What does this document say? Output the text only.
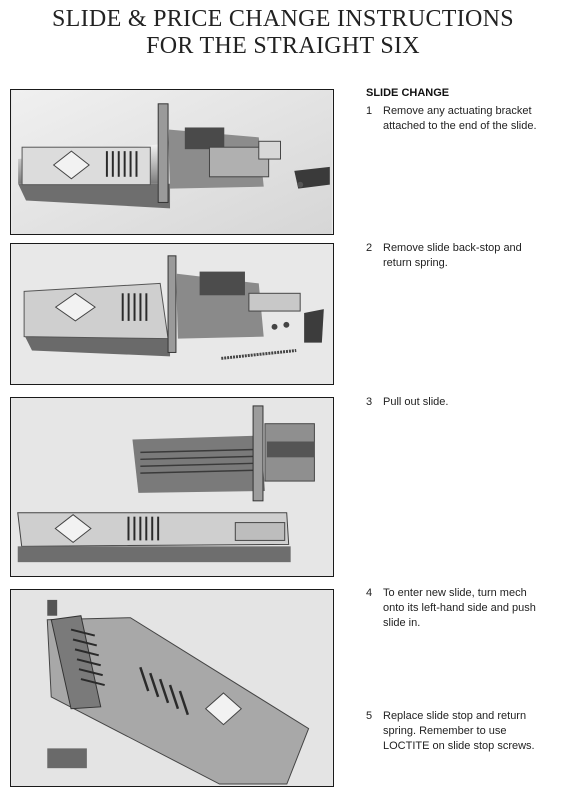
SLIDE & PRICE CHANGE INSTRUCTIONS
FOR THE STRAIGHT SIX
SLIDE CHANGE
1 Remove any actuating bracket attached to the end of the slide.
2 Remove slide back-stop and return spring.
3 Pull out slide.
4 To enter new slide, turn mech onto its left-hand side and push slide in.
5 Replace slide stop and return spring. Remember to use LOCTITE on slide stop screws.
